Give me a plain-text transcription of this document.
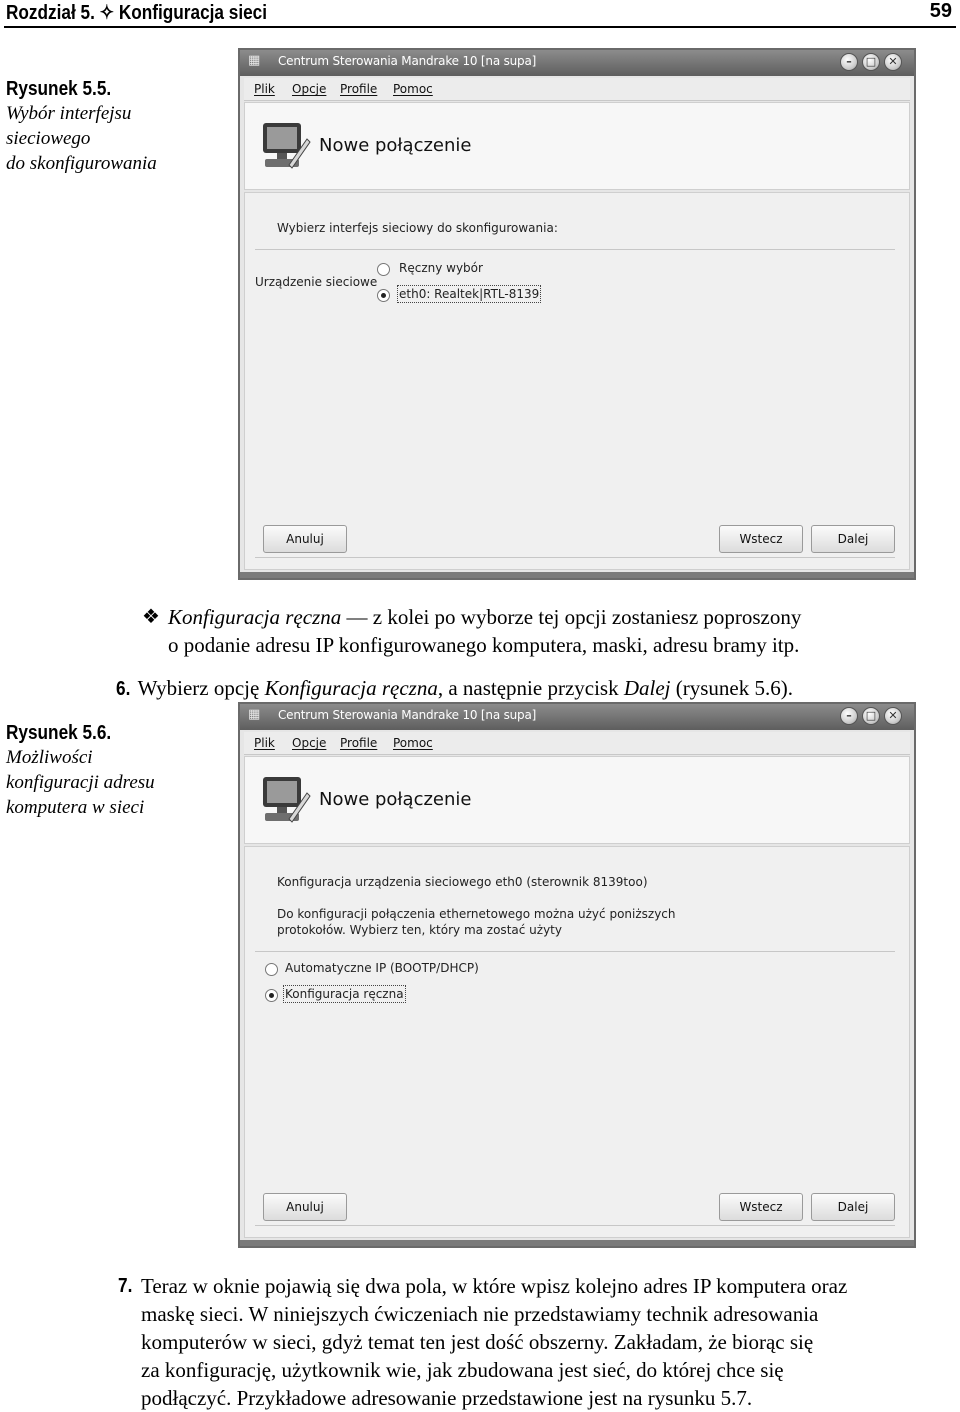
Rozdział 5. ✧ Konfiguracja sieci	59
Rysunek 5.5.
Wybór interfejsu
sieciowego
do skonfigurowania
▦ Centrum Sterowania Mandrake 10 [na supa]	–	□	✕
Plik Opcje Profile Pomoc
Nowe połączenie
Wybierz interfejs sieciowy do skonfigurowania:
Urządzenie sieciowe
Ręczny wybór
eth0: Realtek|RTL-8139
Anuluj	Wstecz	Dalej
❖ Konfiguracja ręczna — z kolei po wyborze tej opcji zostaniesz poproszony
o podanie adresu IP konfigurowanego komputera, maski, adresu bramy itp.
6. Wybierz opcję Konfiguracja ręczna, a następnie przycisk Dalej (rysunek 5.6).
Rysunek 5.6.
Możliwości
konfiguracji adresu
komputera w sieci
▦ Centrum Sterowania Mandrake 10 [na supa]	–	□	✕
Plik Opcje Profile Pomoc
Nowe połączenie
Konfiguracja urządzenia sieciowego eth0 (sterownik 8139too)
Do konfiguracji połączenia ethernetowego można użyć poniższych
protokołów. Wybierz ten, który ma zostać użyty
Automatyczne IP (BOOTP/DHCP)
Konfiguracja ręczna
Anuluj	Wstecz	Dalej
7. Teraz w oknie pojawią się dwa pola, w które wpisz kolejno adres IP komputera oraz
maskę sieci. W niniejszych ćwiczeniach nie przedstawiamy technik adresowania
komputerów w sieci, gdyż temat ten jest dość obszerny. Zakładam, że biorąc się
za konfigurację, użytkownik wie, jak zbudowana jest sieć, do której chce się
podłączyć. Przykładowe adresowanie przedstawione jest na rysunku 5.7.
